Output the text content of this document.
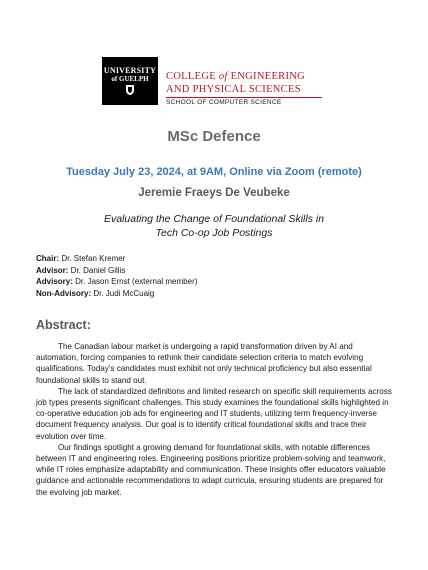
UNIVERSITY
of GUELPH COLLEGE of ENGINEERING
AND PHYSICAL SCIENCES
SCHOOL OF COMPUTER SCIENCE
MSc Defence
Tuesday July 23, 2024, at 9AM, Online via Zoom (remote)
Jeremie Fraeys De Veubeke
Evaluating the Change of Foundational Skills in
Tech Co-op Job Postings
Chair: Dr. Stefan Kremer
Advisor: Dr. Daniel Gillis
Advisory: Dr. Jason Ernst (external member)
Non-Advisory: Dr. Judi McCuaig
Abstract:

The Canadian labour market is undergoing a rapid transformation driven by AI and automation, forcing companies to rethink their candidate selection criteria to match evolving qualifications. Today’s candidates must exhibit not only technical proficiency but also essential foundational skills to stand out.

The lack of standardized definitions and limited research on specific skill requirements across job types presents significant challenges. This study examines the foundational skills highlighted in co-operative education job ads for engineering and IT students, utilizing term frequency-inverse document frequency analysis. Our goal is to identify critical foundational skills and trace their evolution over time.

Our findings spotlight a growing demand for foundational skills, with notable differences between IT and engineering roles. Engineering positions prioritize problem-solving and teamwork, while IT roles emphasize adaptability and communication. These insights offer educators valuable guidance and actionable recommendations to adapt curricula, ensuring students are prepared for the evolving job market.
